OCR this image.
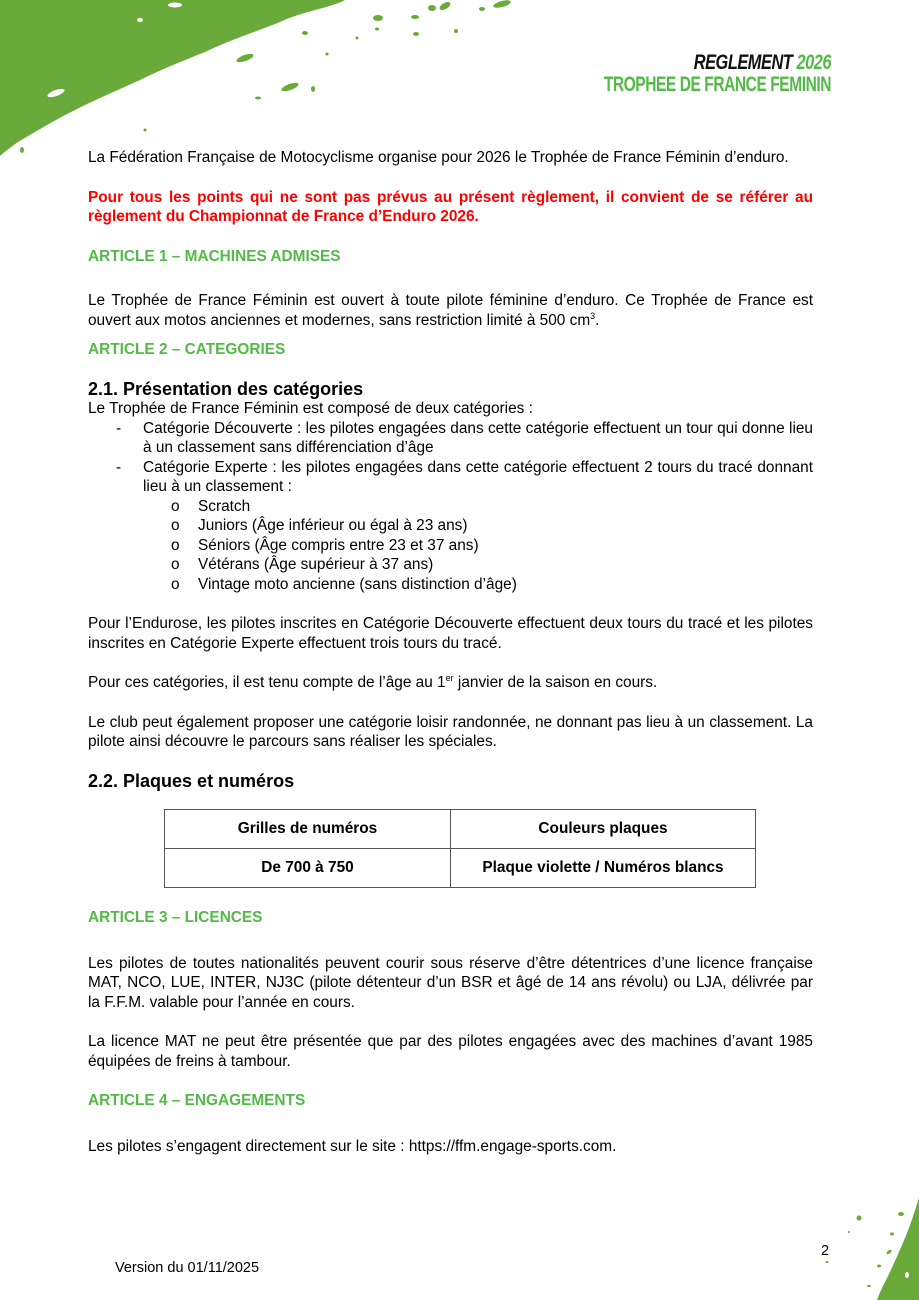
REGLEMENT 2026
TROPHEE DE FRANCE FEMININ

La Fédération Française de Motocyclisme organise pour 2026 le Trophée de France Féminin d’enduro.

Pour tous les points qui ne sont pas prévus au présent règlement, il convient de se référer au règlement du Championnat de France d’Enduro 2026.

ARTICLE 1 – MACHINES ADMISES

Le Trophée de France Féminin est ouvert à toute pilote féminine d’enduro. Ce Trophée de France est ouvert aux motos anciennes et modernes, sans restriction limité à 500 $cm^3$.

ARTICLE 2 – CATEGORIES
2.1. Présentation des catégories

Le Trophée de France Féminin est composé de deux catégories :

- Catégorie Découverte : les pilotes engagées dans cette catégorie effectuent un tour qui donne lieu à un classement sans différenciation d’âge
- Catégorie Experte : les pilotes engagées dans cette catégorie effectuent 2 tours du tracé donnant lieu à un classement :
o Scratch
o Juniors (Âge inférieur ou égal à 23 ans)
o Séniors (Âge compris entre 23 et 37 ans)
o Vétérans (Âge supérieur à 37 ans)
o Vintage moto ancienne (sans distinction d’âge)

Pour l’Endurose, les pilotes inscrites en Catégorie Découverte effectuent deux tours du tracé et les pilotes inscrites en Catégorie Experte effectuent trois tours du tracé.

Pour ces catégories, il est tenu compte de l’âge au 1er janvier de la saison en cours.

Le club peut également proposer une catégorie loisir randonnée, ne donnant pas lieu à un classement. La pilote ainsi découvre le parcours sans réaliser les spéciales.

2.2. Plaques et numéros
Grilles de numéros	Couleurs plaques
De 700 à 750	Plaque violette / Numéros blancs
ARTICLE 3 – LICENCES

Les pilotes de toutes nationalités peuvent courir sous réserve d’être détentrices d’une licence française MAT, NCO, LUE, INTER, NJ3C (pilote détenteur d’un BSR et âgé de 14 ans révolu) ou LJA, délivrée par la F.F.M. valable pour l’année en cours.

La licence MAT ne peut être présentée que par des pilotes engagées avec des machines d’avant 1985 équipées de freins à tambour.

ARTICLE 4 – ENGAGEMENTS

Les pilotes s’engagent directement sur le site : https://ffm.engage-sports.com.

Version du 01/11/2025
2
